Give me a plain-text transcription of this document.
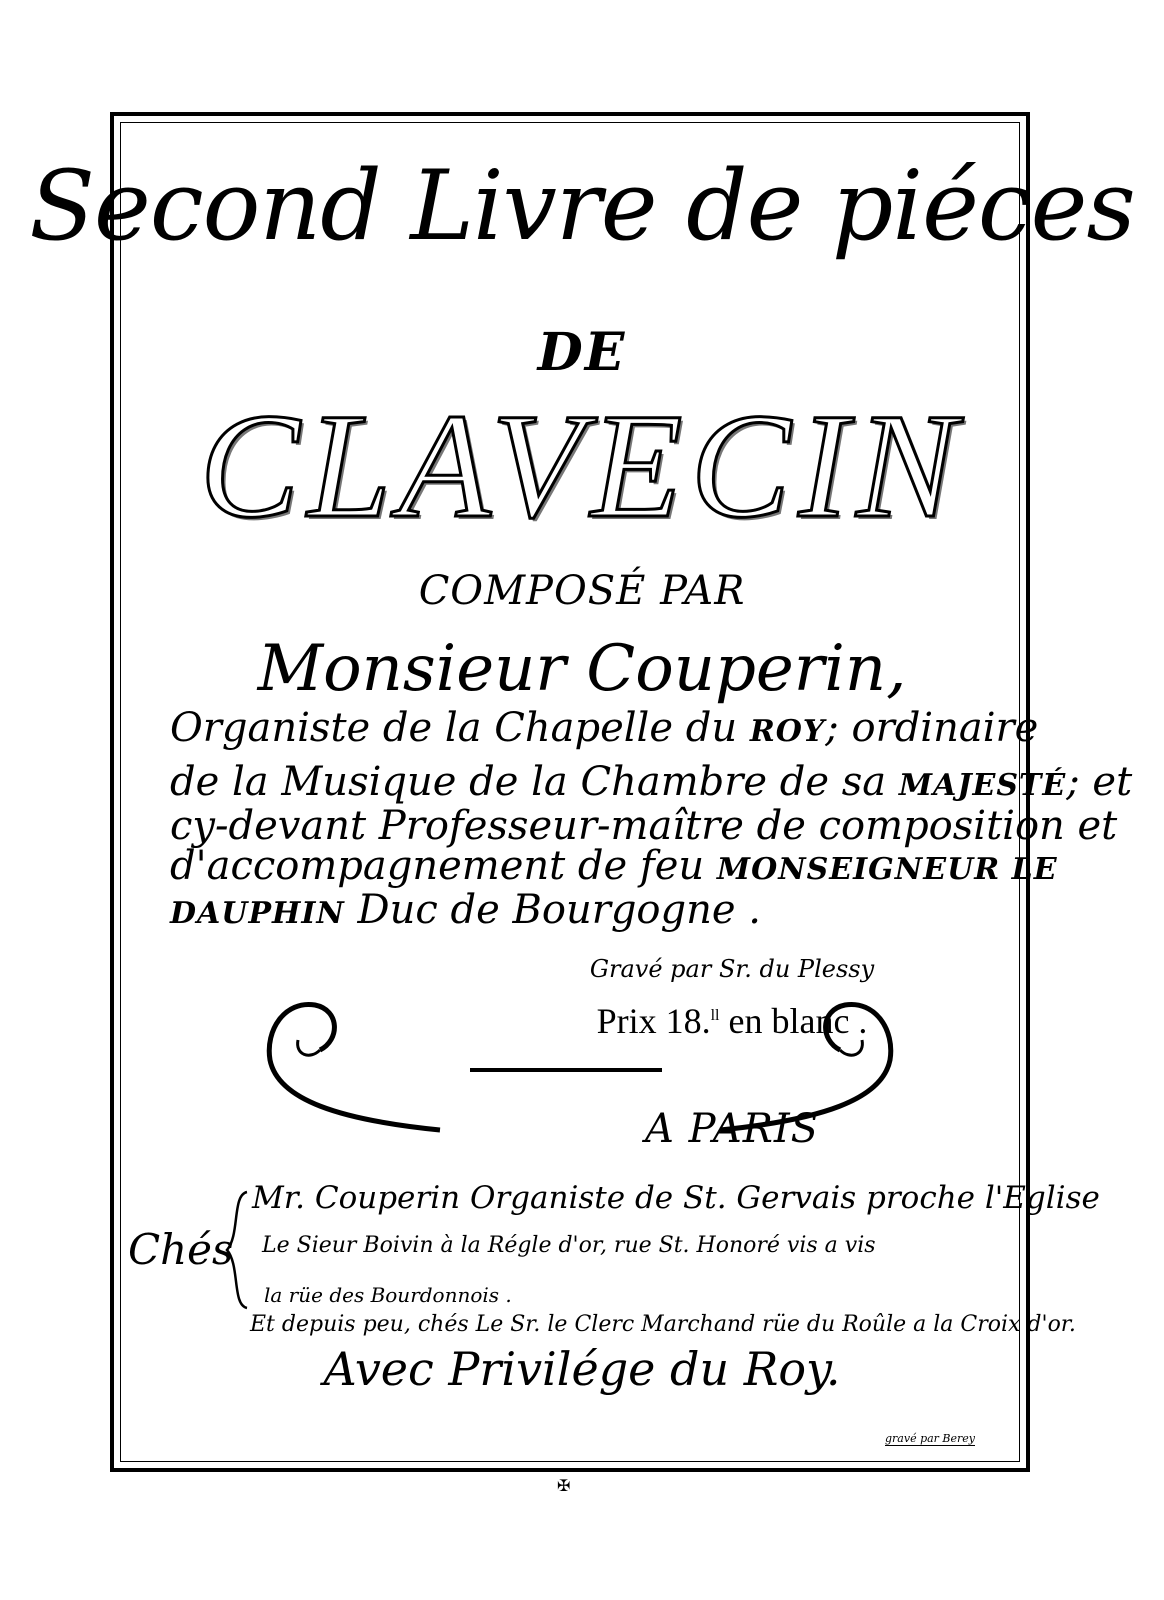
Second Livre de piéces
DE
CLAVECIN
COMPOSÉ PAR
Monsieur Couperin,
Organiste de la Chapelle du ROY; ordinaire
de la Musique de la Chambre de sa MAJESTÉ; et
cy-devant Professeur-maître de composition et
d'accompagnement de feu MONSEIGNEUR LE
DAUPHIN Duc de Bourgogne .
Gravé par Sr. du Plessy
Prix 18.$^{ll}$ en blanc .
A PARIS
Chés
Mr. Couperin Organiste de St. Gervais proche l'Eglise
Le Sieur Boivin à la Régle d'or, rue St. Honoré vis a vis
la rüe des Bourdonnois .
Et depuis peu, chés Le Sr. le Clerc Marchand rüe du Roûle a la Croix d'or.
Avec Privilége du Roy.
gravé par Berey
✠
